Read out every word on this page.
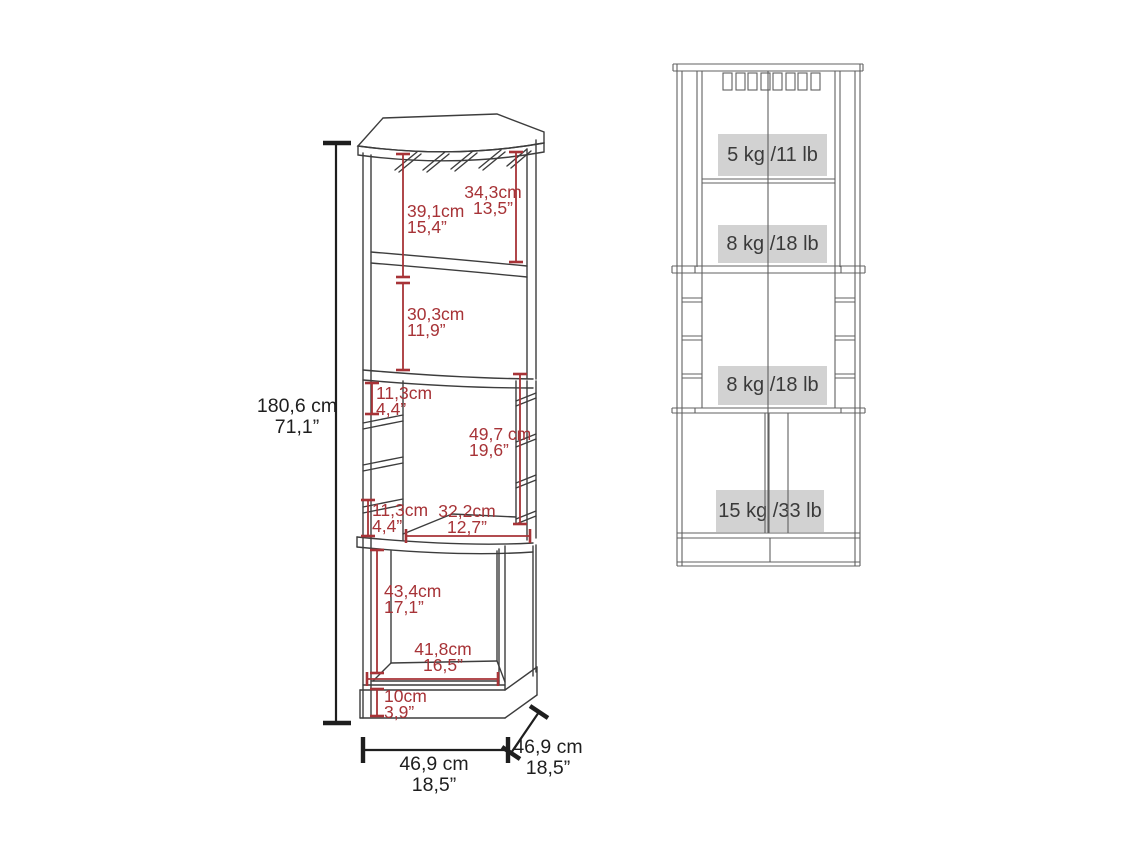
5 kg /11 lb
8 kg /18 lb
8 kg /18 lb
15 kg /33 lb
39,1cm
15,4”
34,3cm
13,5”
30,3cm
11,9”
11,3cm
4,4”
49,7 cm
19,6”
32,2cm
12,7”
11,3cm
4,4”
43,4cm
17,1”
41,8cm
16,5”
10cm
3,9”
180,6 cm
71,1”
46,9 cm
18,5”
46,9 cm
18,5”
